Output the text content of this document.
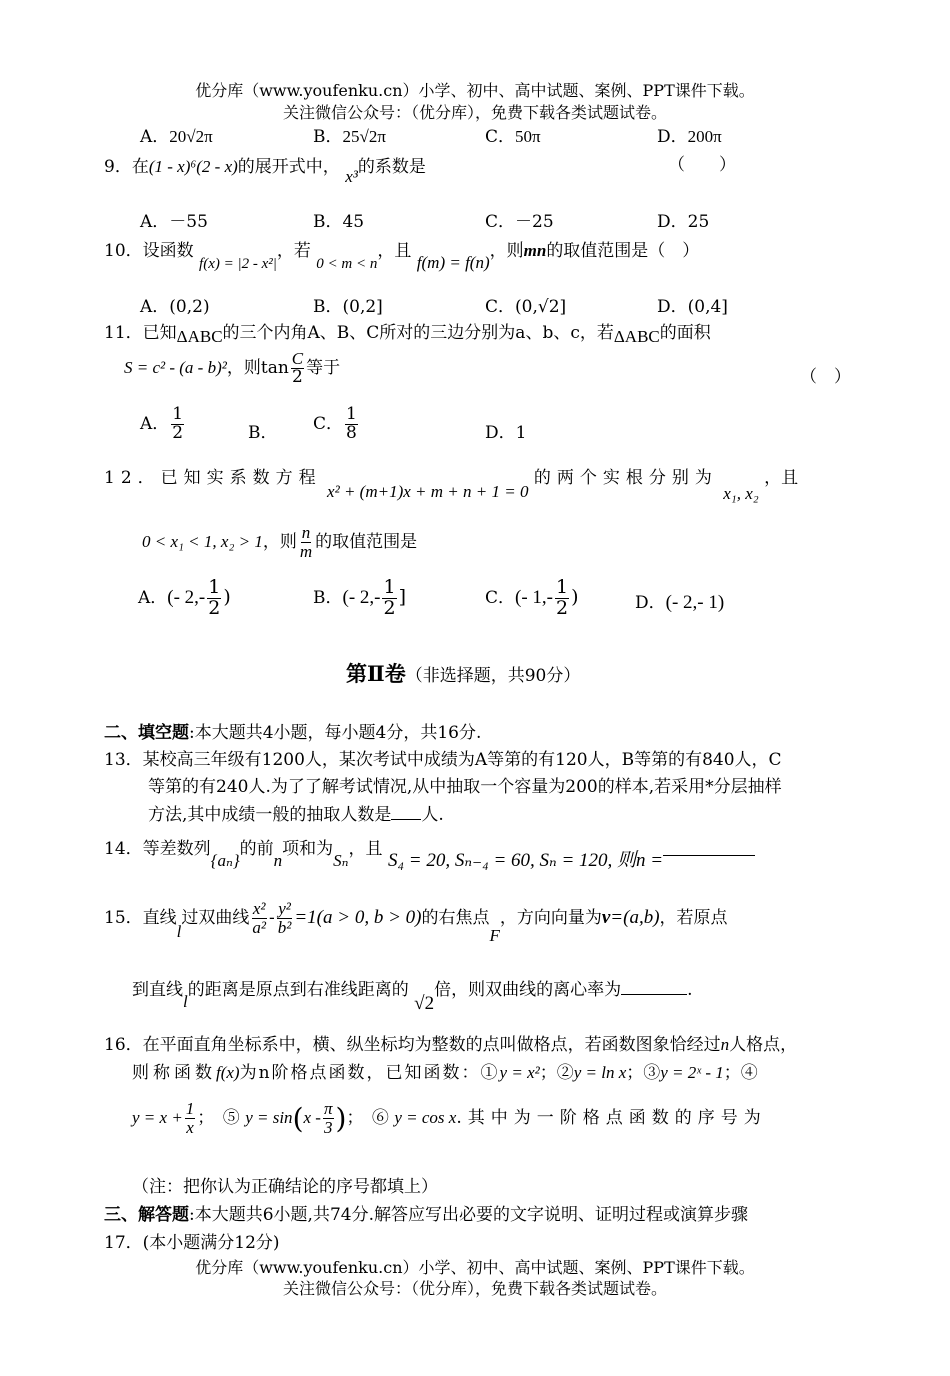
优分库（www.youfenku.cn）小学、初中、高中试题、案例、PPT课件下载。
关注微信公众号：（优分库），免费下载各类试题试卷。
A．20√2π	B．25√2π	C．50π	D．200π
9．在(1 - x)⁶(2 - x)的展开式中， x³的系数是	（　　）
A．－55	B．45	C．－25	D．25
10．设函数 f(x) = |2 - x²|，若 0 < m < n，且 f(m) = f(n)，则mn的取值范围是（　）
A．(0,2)	B．(0,2]	C．(0,√2]	D．(0,4]
11．已知ΔABC的三个内角A、B、C所对的三边分别为a、b、c，若ΔABC的面积
S = c² - (a - b)²，则$\tan \frac{C}{2}$ 等于	（　）
A． $\frac{1}{2}$	B． C． $\frac{1}{8}$	D．1
12．已知实系数方程 x² + (m+1)x + m + n + 1 = 0 的两个实根分别为 x₁, x₂ ，且
0 < x₁ < 1, x₂ > 1，则 $\frac{n}{m}$ 的取值范围是
A．(- $2,- \frac{1}{2}$ )	B．(- $2,- \frac{1}{2}$ ]	C．(- $1,- \frac{1}{2}$ )	D．(- 2,- 1)
第Ⅱ卷（非选择题，共90分）
二、填空题:本大题共4小题，每小题4分，共16分.
13．某校高三年级有1200人，某次考试中成绩为A等第的有120人，B等第的有840人，C
等第的有240人.为了了解考试情况,从中抽取一个容量为200的样本,若采用*分层抽样
方法,其中成绩一般的抽取人数是 人.
14．等差数列{aₙ}的前n项和为Sₙ，且 S₄ = 20, Sₙ₋₄ = 60, Sₙ = 120, 则n =
15．直线l过双曲线 $\frac{\text{x²}}{\text{a²}} - \frac{\text{y²}}{\text{b²}} =1(a > 0$, b > 0)的右焦点F，方向向量为v=(a,b)，若原点
到直线l的距离是原点到右准线距离的 √2倍，则双曲线的离心率为	.
16．在平面直角坐标系中，横、纵坐标均为整数的点叫做格点，若函数图象恰经过n人格点，
则称函数f(x)为n阶格点函数，已知函数：①y = x²；②y = ln x；③y = 2ˣ - 1；④
$y = x + \frac{1}{x}$ ；　⑤ $y = \sin(x - \frac{\pi}{3}$ )；　⑥ y = cos x.其中为一阶格点函数的序号为
（注：把你认为正确结论的序号都填上）
三、解答题:本大题共6小题,共74分.解答应写出必要的文字说明、证明过程或演算步骤
17．(本小题满分12分)
优分库（www.youfenku.cn）小学、初中、高中试题、案例、PPT课件下载。
关注微信公众号：（优分库），免费下载各类试题试卷。
